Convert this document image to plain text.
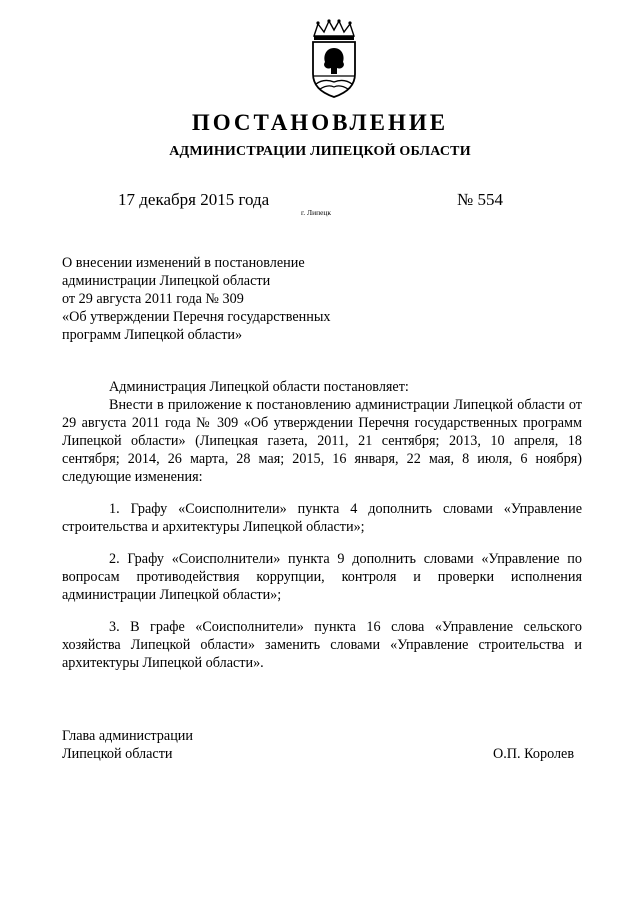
ПОСТАНОВЛЕНИЕ
АДМИНИСТРАЦИИ ЛИПЕЦКОЙ ОБЛАСТИ
17 декабря 2015 года
г. Липецк
№ 554
О внесении изменений в постановление
администрации Липецкой области
от 29 августа 2011 года № 309
«Об утверждении Перечня государственных
программ Липецкой области»

Администрация Липецкой области постановляет:

Внести в приложение к постановлению администрации Липецкой области от 29 августа 2011 года № 309 «Об утверждении Перечня государственных программ Липецкой области» (Липецкая газета, 2011, 21 сентября; 2013, 10 апреля, 18 сентября; 2014, 26 марта, 28 мая; 2015, 16 января, 22 мая, 8 июля, 6 ноября) следующие изменения:

1. Графу «Соисполнители» пункта 4 дополнить словами «Управление строительства и архитектуры Липецкой области»;

2. Графу «Соисполнители» пункта 9 дополнить словами «Управление по вопросам противодействия коррупции, контроля и проверки исполнения администрации Липецкой области»;

3. В графе «Соисполнители» пункта 16 слова «Управление сельского хозяйства Липецкой области» заменить словами «Управление строительства и архитектуры Липецкой области».

Глава администрации
Липецкой области	О.П. Королев
